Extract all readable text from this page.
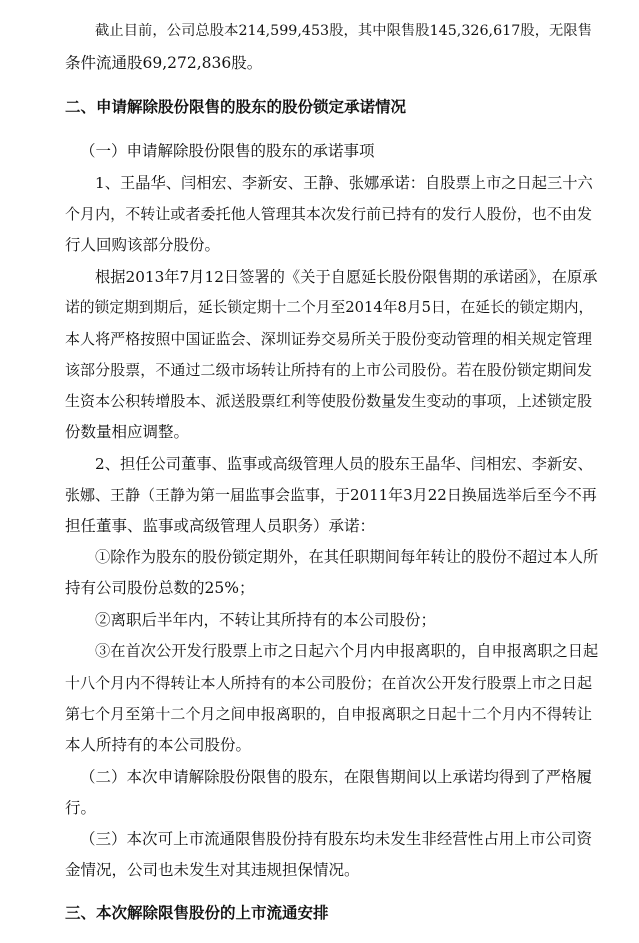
截止目前，公司总股本214,599,453股，其中限售股145,326,617股，无限售
条件流通股69,272,836股。
二、申请解除股份限售的股东的股份锁定承诺情况
（一）申请解除股份限售的股东的承诺事项
1、王晶华、闫相宏、李新安、王静、张娜承诺：自股票上市之日起三十六
个月内，不转让或者委托他人管理其本次发行前已持有的发行人股份，也不由发
行人回购该部分股份。
根据2013年7月12日签署的《关于自愿延长股份限售期的承诺函》，在原承
诺的锁定期到期后，延长锁定期十二个月至2014年8月5日，在延长的锁定期内，
本人将严格按照中国证监会、深圳证券交易所关于股份变动管理的相关规定管理
该部分股票，不通过二级市场转让所持有的上市公司股份。若在股份锁定期间发
生资本公积转增股本、派送股票红利等使股份数量发生变动的事项，上述锁定股
份数量相应调整。
2、担任公司董事、监事或高级管理人员的股东王晶华、闫相宏、李新安、
张娜、王静（王静为第一届监事会监事，于2011年3月22日换届选举后至今不再
担任董事、监事或高级管理人员职务）承诺：
①除作为股东的股份锁定期外，在其任职期间每年转让的股份不超过本人所
持有公司股份总数的25%；
②离职后半年内，不转让其所持有的本公司股份；
③在首次公开发行股票上市之日起六个月内申报离职的，自申报离职之日起
十八个月内不得转让本人所持有的本公司股份；在首次公开发行股票上市之日起
第七个月至第十二个月之间申报离职的，自申报离职之日起十二个月内不得转让
本人所持有的本公司股份。
（二）本次申请解除股份限售的股东，在限售期间以上承诺均得到了严格履
行。
（三）本次可上市流通限售股份持有股东均未发生非经营性占用上市公司资
金情况，公司也未发生对其违规担保情况。
三、本次解除限售股份的上市流通安排
